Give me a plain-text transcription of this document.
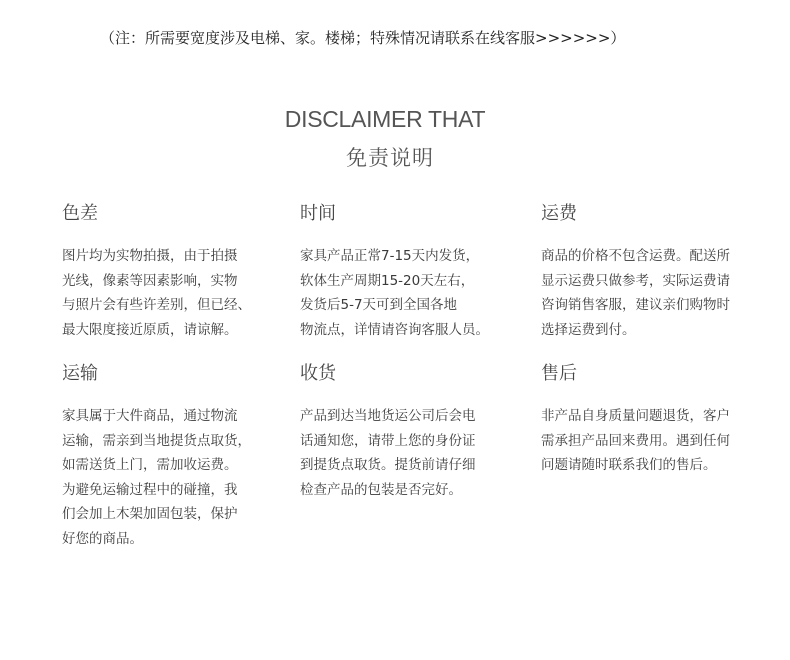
（注：所需要宽度涉及电梯、家。楼梯；特殊情况请联系在线客服>>>>>>）
DISCLAIMER THAT
免责说明
色差
图片均为实物拍摄，由于拍摄
光线，像素等因素影响，实物
与照片会有些许差别，但已经、
最大限度接近原质，请谅解。
时间
家具产品正常7-15天内发货，
软体生产周期15-20天左右，
发货后5-7天可到全国各地
物流点，详情请咨询客服人员。
运费
商品的价格不包含运费。配送所
显示运费只做参考，实际运费请
咨询销售客服，建议亲们购物时
选择运费到付。
运输
家具属于大件商品，通过物流
运输，需亲到当地提货点取货，
如需送货上门，需加收运费。
为避免运输过程中的碰撞，我
们会加上木架加固包装，保护
好您的商品。
收货
产品到达当地货运公司后会电
话通知您，请带上您的身份证
到提货点取货。提货前请仔细
检查产品的包装是否完好。
售后
非产品自身质量问题退货，客户
需承担产品回来费用。遇到任何
问题请随时联系我们的售后。
